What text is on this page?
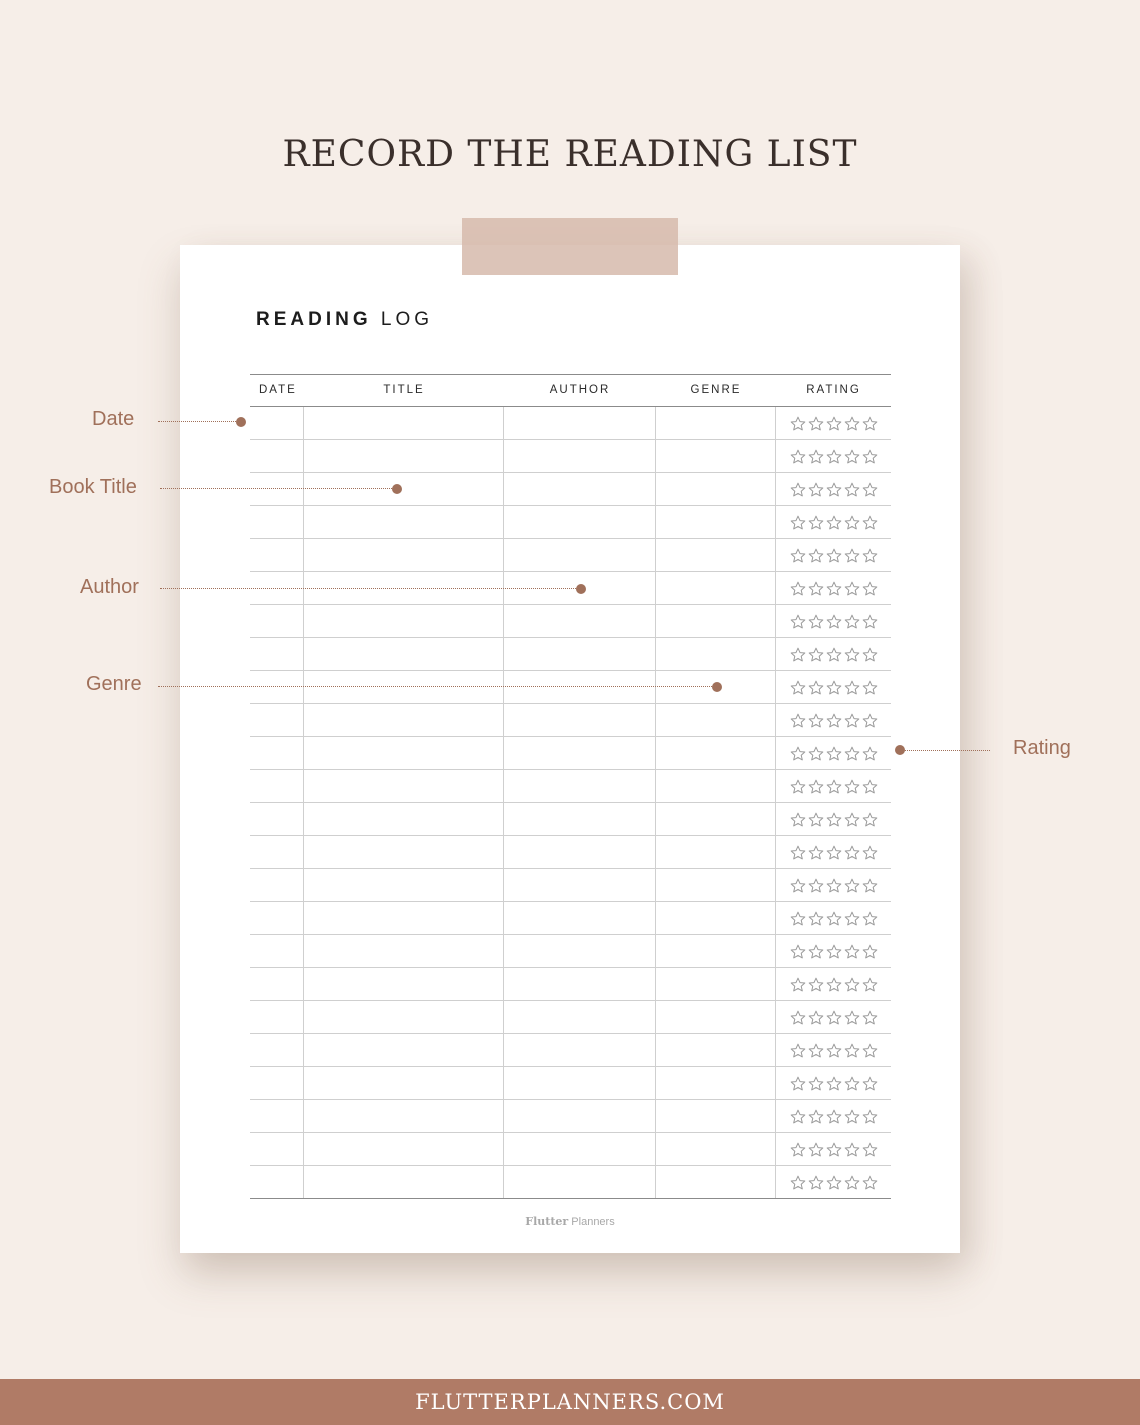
RECORD THE READING LIST
READING LOG
DATE	TITLE	AUTHOR	GENRE	RATING
Flutter Planners
Date
Book Title
Author
Genre
Rating
FLUTTERPLANNERS.COM
